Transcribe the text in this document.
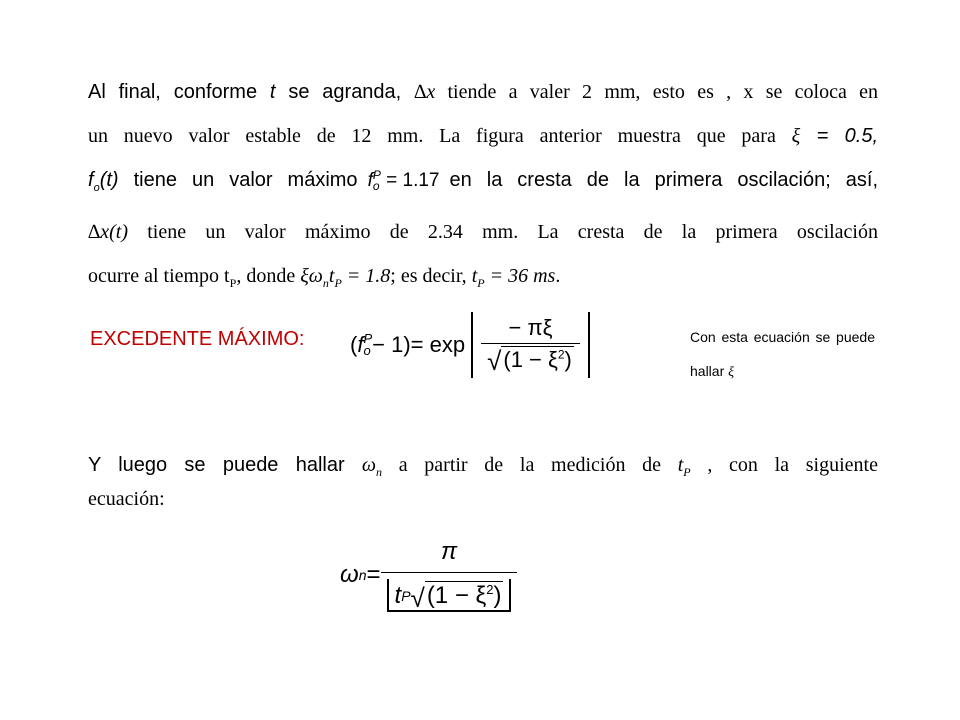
Al final, conforme t se agranda, ∆x tiende a valer 2 mm, esto es , x se coloca en
un nuevo valor estable de 12 mm. La figura anterior muestra que para ξ = 0.5,
$f_o(t)$ tiene un valor máximo f P
o = 1.17 en la cresta de la primera oscilación; así,
∆x(t) tiene un valor máximo de 2.34 mm. La cresta de la primera oscilación
ocurre al tiempo $t_P$, donde $\xi\omega_nt_P = 1.8$; es decir, $t_P = 36$ ms.
EXCEDENTE MÁXIMO: ( f P
$o - 1) = \exp \frac{- \pi\xi}{√ (1 - \xi^2)}$	Con esta ecuación se puede hallar ξ
Y luego se puede hallar $\omega_n$ a partir de la medición de $t_P$ , con la siguiente
ecuación:
ω $n = \frac{\pi}{t P √ (1 - \xi^2)}$
